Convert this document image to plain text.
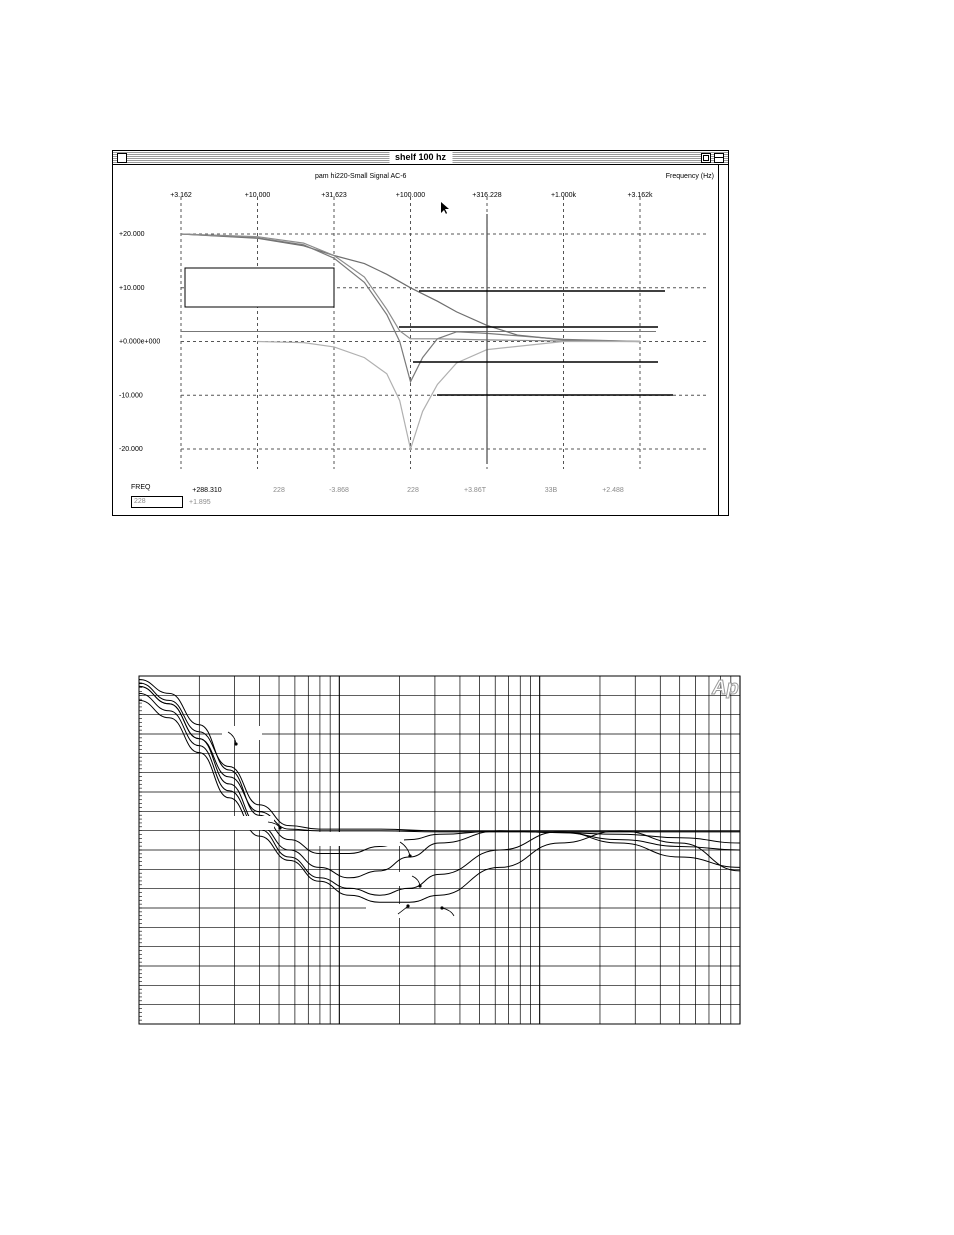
shelf 100 hz
pam hi220-Small Signal AC-6	Frequency (Hz)
+3.162	+10.000	+31.623	+100.000	+316.228	+1.000k	+3.162k
+20.000
+10.000
+0.000e+000
-10.000
-20.000
+288.310	228	-3.868	228	+3.86T	33B	+2.488
FREQ
228	+1.895
Ap
